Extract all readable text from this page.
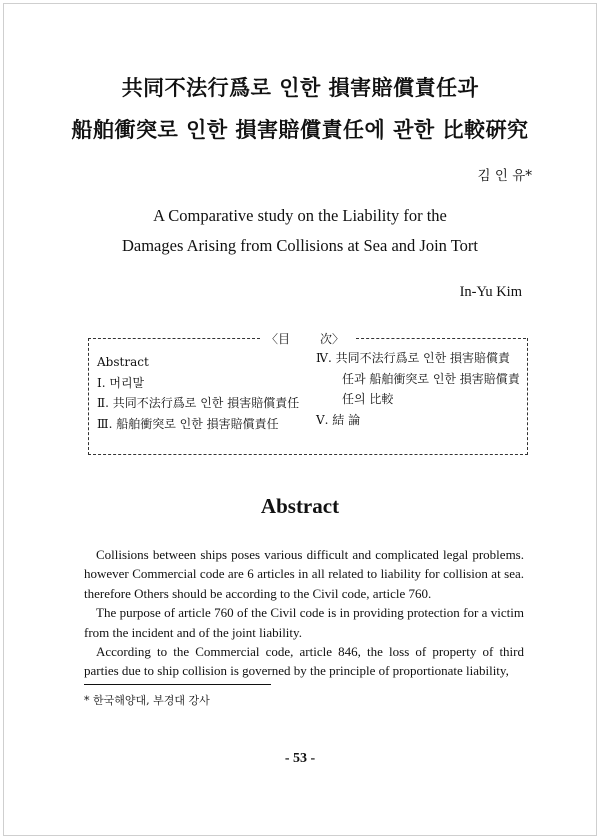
共同不法行爲로 인한 損害賠償責任과
船舶衝突로 인한 損害賠償責任에 관한 比較硏究
김 인 유*
A Comparative study on the Liability for the
Damages Arising from Collisions at Sea and Join Tort
In-Yu Kim
〈目 次〉
Abstract
Ⅰ. 머리말
Ⅱ. 共同不法行爲로 인한 損害賠償責任
Ⅲ. 船舶衝突로 인한 損害賠償責任
Ⅳ. 共同不法行爲로 인한 損害賠償責
任과 船舶衝突로 인한 損害賠償責
任의 比較
Ⅴ. 結 論
Abstract

Collisions between ships poses various difficult and complicated legal problems. however Commercial code are 6 articles in all related to liability for collision at sea. therefore Others should be according to the Civil code, article 760.

The purpose of article 760 of the Civil code is in providing protection for a victim from the incident and of the joint liability.

According to the Commercial code, article 846, the loss of property of third parties due to ship collision is governed by the principle of proportionate liability,

* 한국해양대, 부경대 강사
- 53 -
